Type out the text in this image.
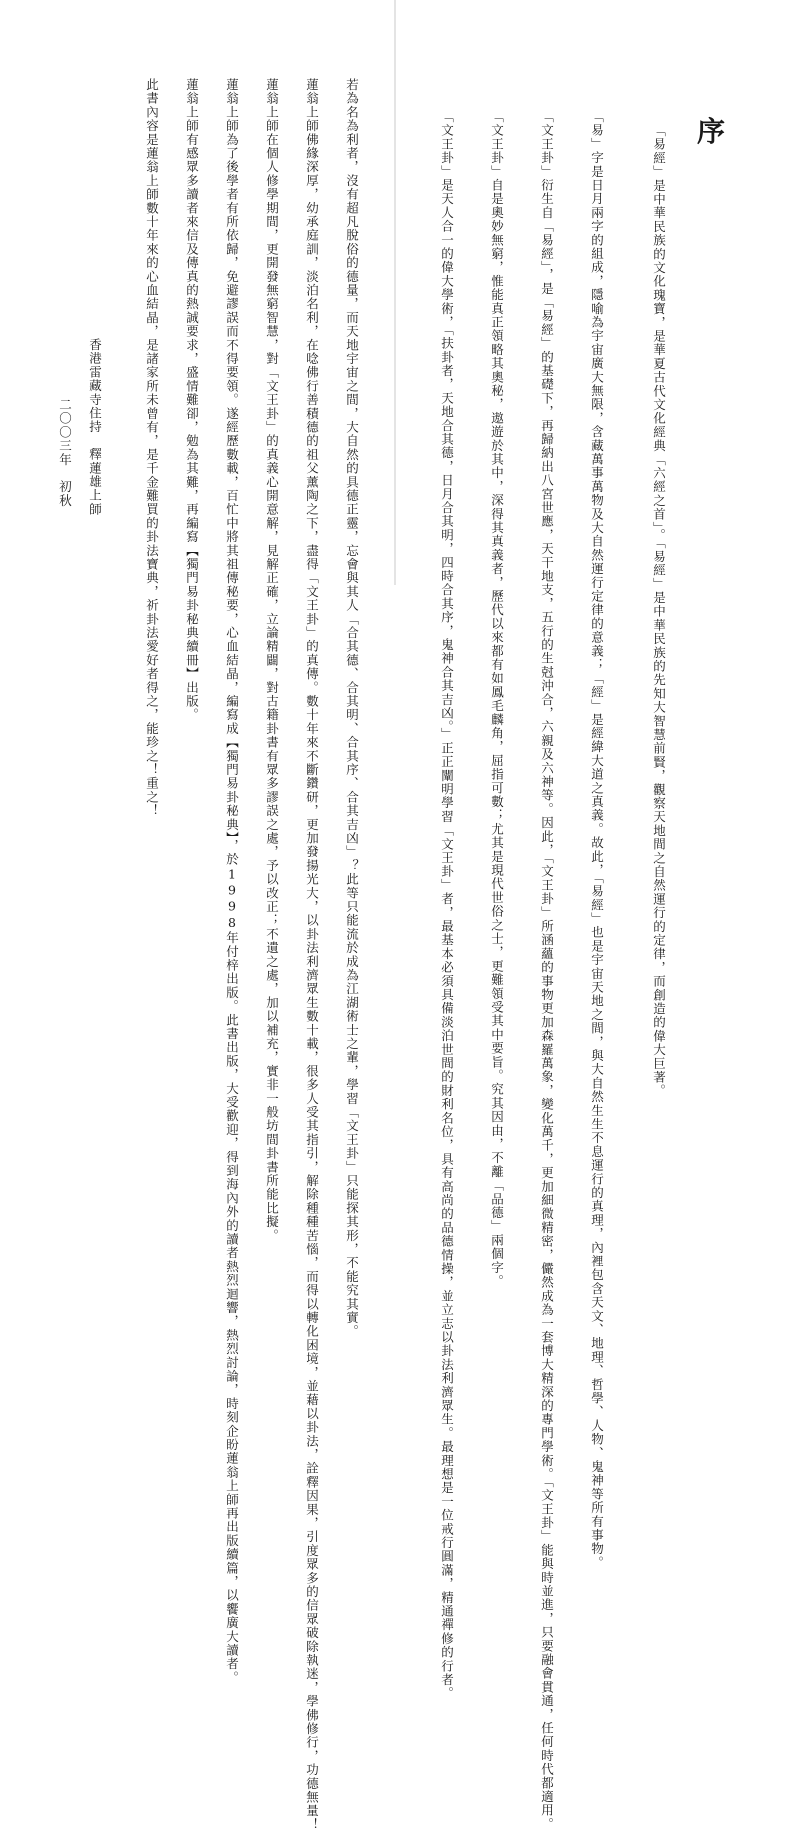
序
「易經」是中華民族的文化瑰寶，是華夏古代文化經典「六經之首」。「易經」是中華民族的先知大智慧前賢，觀察天地間之自然運行的定律，而創造的偉大巨著。
「易」字是日月兩字的組成，隱喻為宇宙廣大無限，含藏萬事萬物及大自然運行定律的意義；「經」是經緯大道之真義。故此，「易經」也是宇宙天地之間，與大自然生生不息運行的真理，內裡包含天文、地理、哲學、人物、鬼神等所有事物。
「文王卦」衍生自「易經」，是「易經」的基礎下，再歸納出八宮世應，天干地支，五行的生尅沖合，六親及六神等。因此，「文王卦」所涵蘊的事物更加森羅萬象，變化萬千，更加細微精密，儼然成為一套博大精深的專門學術。「文王卦」能與時並進，只要融會貫通，任何時代都適用。
「文王卦」自是奧妙無窮，惟能真正領略其奧秘，遨遊於其中，深得其真義者，歷代以來都有如鳳毛麟角，屈指可數；尤其是現代世俗之士，更難領受其中要旨。究其因由，不離「品德」兩個字。
「文王卦」是天人合一的偉大學術，「扶卦者，天地合其德，日月合其明，四時合其序，鬼神合其吉凶。」正正闡明學習「文王卦」者，最基本必須具備淡泊世間的財利名位，具有高尚的品德情操，並立志以卦法利濟眾生。最理想是一位戒行圓滿，精通禪修的行者。
若為名為利者，沒有超凡脫俗的德量，而天地宇宙之間，大自然的具德正靈，忘會與其人「合其德、合其明、合其序、合其吉凶」？此等只能流於成為江湖術士之輩，學習「文王卦」只能探其形，不能究其實。
蓮翁上師佛緣深厚，幼承庭訓，淡泊名利，在唸佛行善積德的祖父薰陶之下，盡得「文王卦」的真傳。數十年來不斷鑽研，更加發揚光大，以卦法利濟眾生數十載，很多人受其指引，解除種種苦惱，而得以轉化困境，並藉以卦法，詮釋因果，引度眾多的信眾破除執迷，學佛修行，功德無量！
蓮翁上師在個人修學期間，更開發無窮智慧，對「文王卦」的真義心開意解，見解正確，立論精闢，對古籍卦書有眾多謬誤之處，予以改正；不遺之處，加以補充，實非一般坊間卦書所能比擬。
蓮翁上師為了後學者有所依歸，免避謬誤而不得要領。遂經歷數載，百忙中將其祖傳秘要，心血結晶，編寫成【獨門易卦秘典】，於1998年付梓出版。此書出版，大受歡迎，得到海內外的讀者熱烈迴響，熱烈討論，時刻企盼蓮翁上師再出版續篇，以饗廣大讀者。
蓮翁上師有感眾多讀者來信及傳真的熱誠要求，盛情難卻，勉為其難，再編寫【獨門易卦秘典續冊】出版。
此書內容是蓮翁上師數十年來的心血結晶，是諸家所未曾有，是千金難買的卦法寶典，祈卦法愛好者得之，能珍之！重之！
香港雷藏寺住持　釋蓮雄上師
二〇〇三年　初秋
